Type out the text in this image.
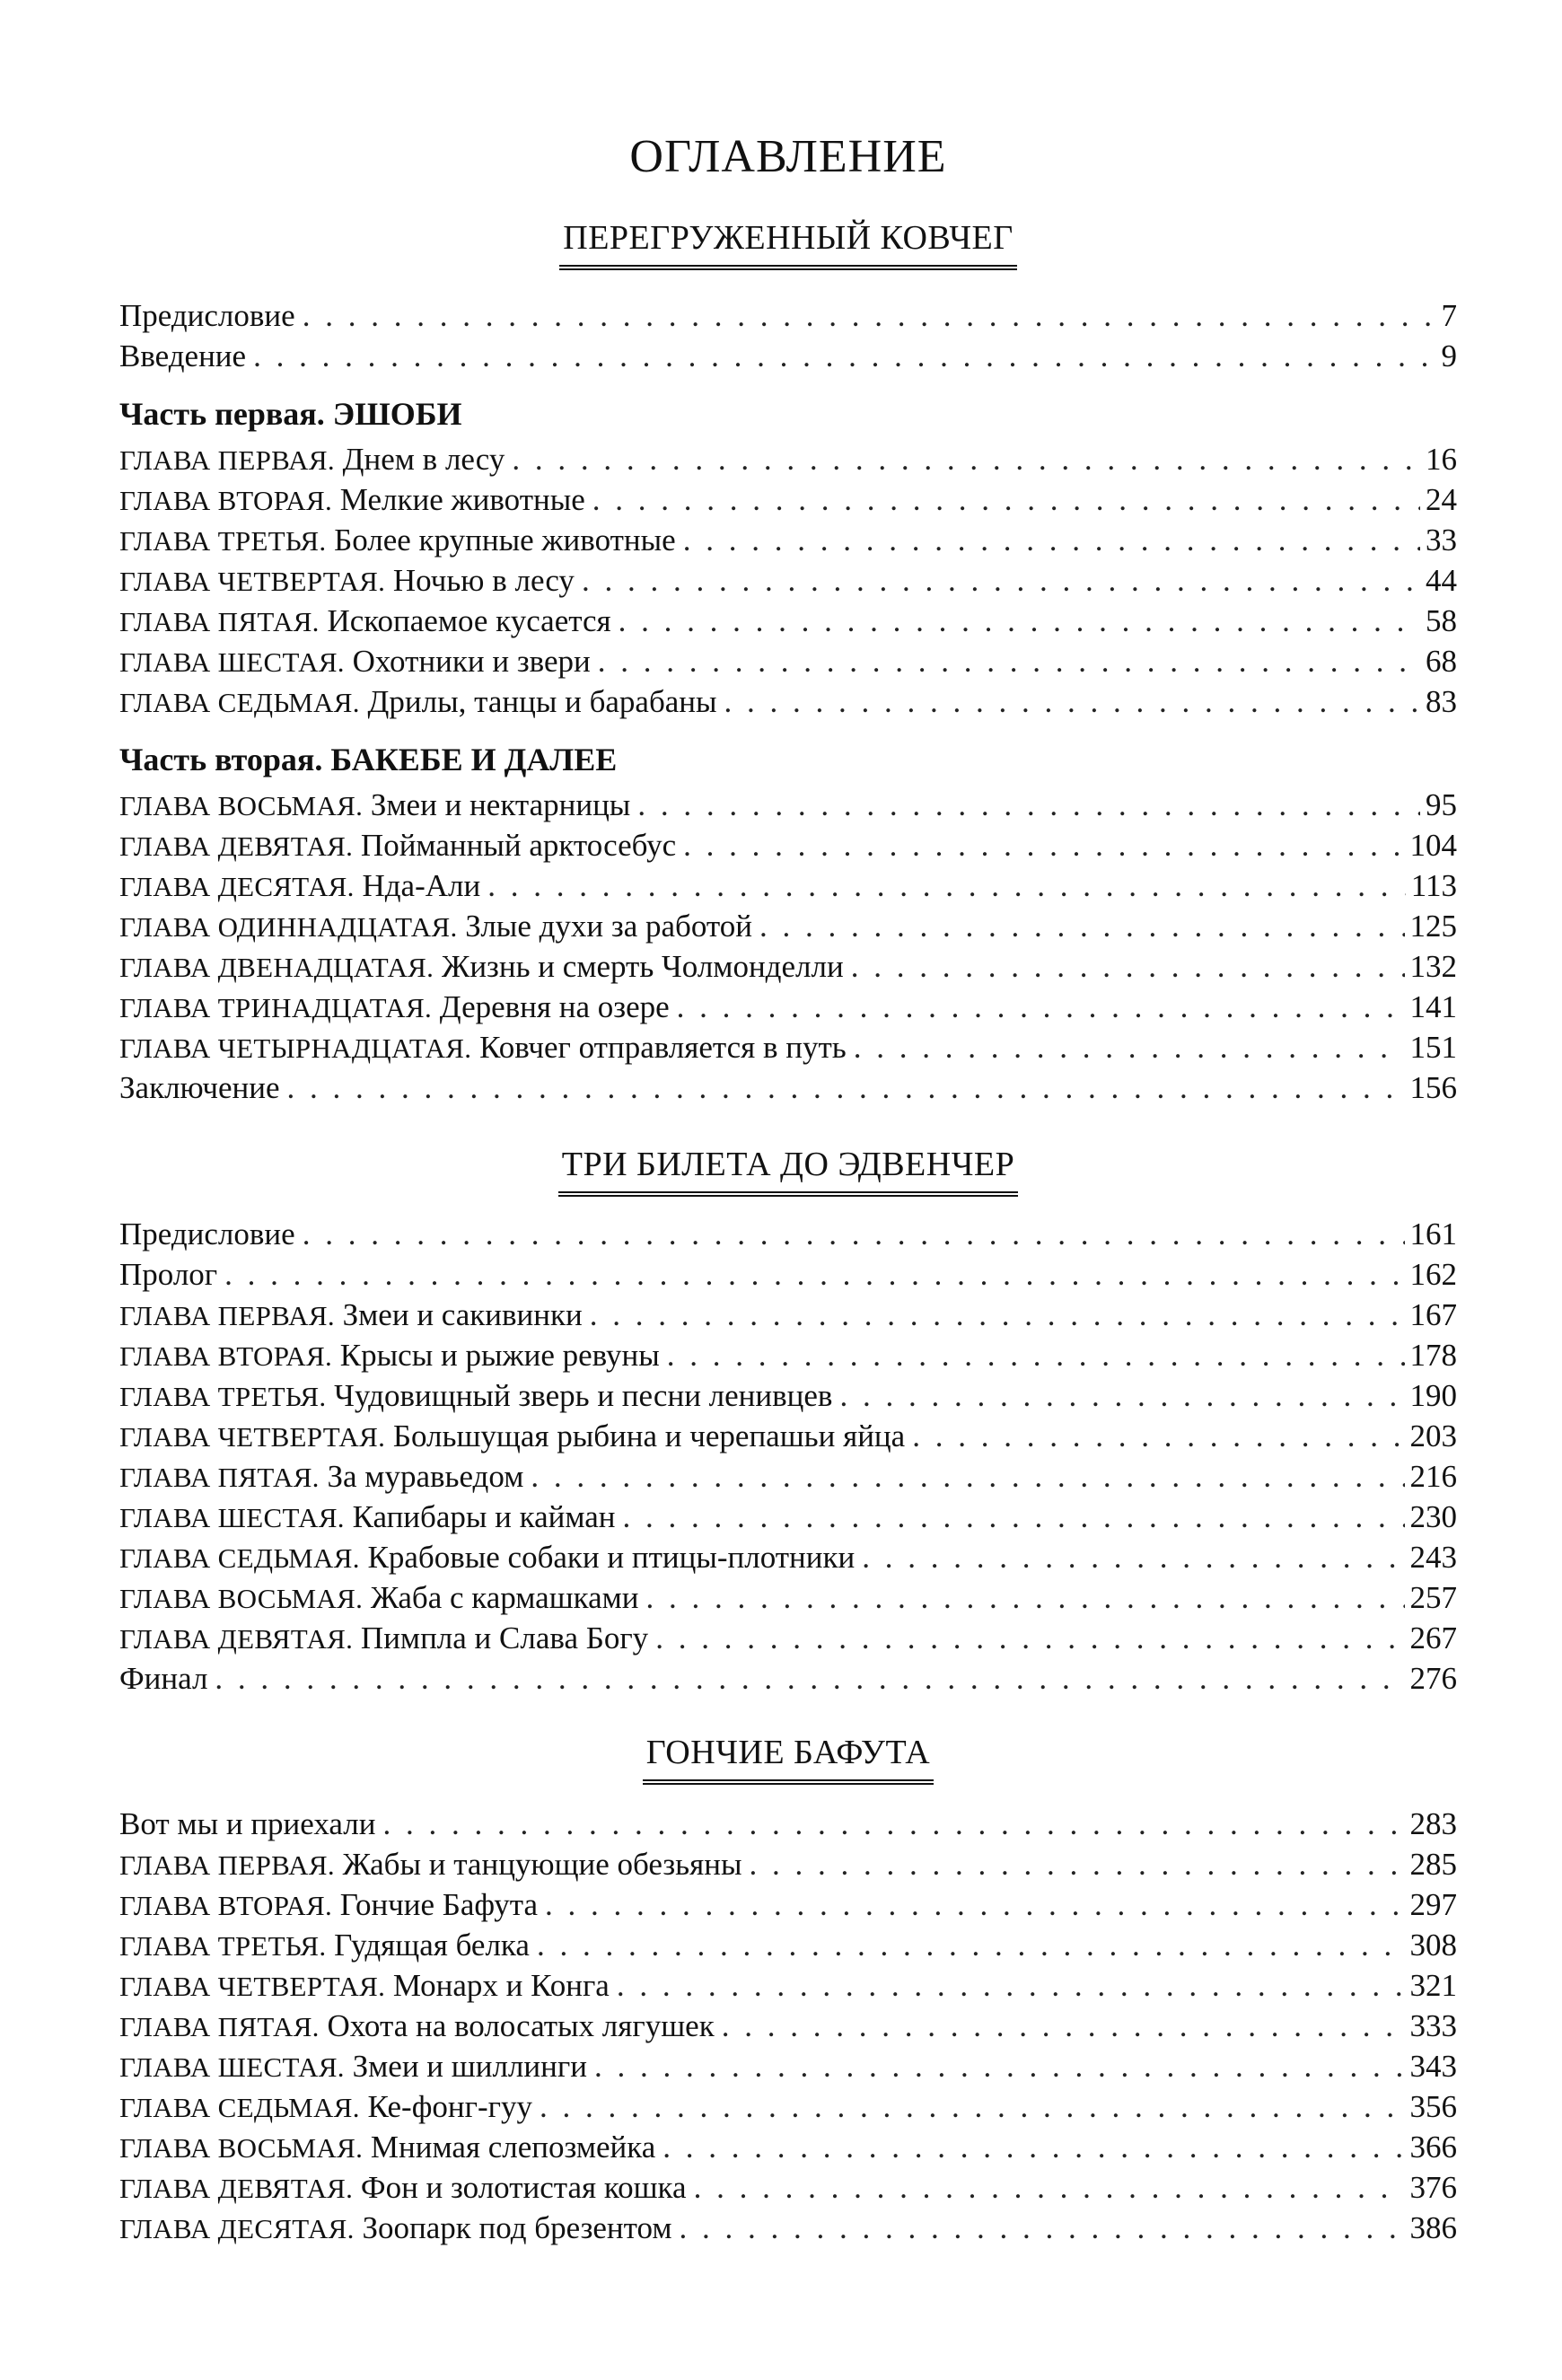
ОГЛАВЛЕНИЕ
ПЕРЕГРУЖЕННЫЙ КОВЧЕГ
Предисловие . . .	7
Введение . . .	9
Часть первая. ЭШОБИ
ГЛАВА ПЕРВАЯ. Днем в лесу . . .	16
ГЛАВА ВТОРАЯ. Мелкие животные . . .	24
ГЛАВА ТРЕТЬЯ. Более крупные животные . . .	33
ГЛАВА ЧЕТВЕРТАЯ. Ночью в лесу . . .	44
ГЛАВА ПЯТАЯ. Ископаемое кусается . . .	58
ГЛАВА ШЕСТАЯ. Охотники и звери . . .	68
ГЛАВА СЕДЬМАЯ. Дрилы, танцы и барабаны . . .	83
Часть вторая. БАКЕБЕ И ДАЛЕЕ
ГЛАВА ВОСЬМАЯ. Змеи и нектарницы . . .	95
ГЛАВА ДЕВЯТАЯ. Пойманный арктосебус . . .	104
ГЛАВА ДЕСЯТАЯ. Нда-Али . . .	113
ГЛАВА ОДИННАДЦАТАЯ. Злые духи за работой . . .	125
ГЛАВА ДВЕНАДЦАТАЯ. Жизнь и смерть Чолмонделли . . .	132
ГЛАВА ТРИНАДЦАТАЯ. Деревня на озере . . .	141
ГЛАВА ЧЕТЫРНАДЦАТАЯ. Ковчег отправляется в путь . . .	151
Заключение . . .	156
ТРИ БИЛЕТА ДО ЭДВЕНЧЕР
Предисловие . . .	161
Пролог . . .	162
ГЛАВА ПЕРВАЯ. Змеи и сакивинки . . .	167
ГЛАВА ВТОРАЯ. Крысы и рыжие ревуны . . .	178
ГЛАВА ТРЕТЬЯ. Чудовищный зверь и песни ленивцев . . .	190
ГЛАВА ЧЕТВЕРТАЯ. Большущая рыбина и черепашьи яйца . . .	203
ГЛАВА ПЯТАЯ. За муравьедом . . .	216
ГЛАВА ШЕСТАЯ. Капибары и кайман . . .	230
ГЛАВА СЕДЬМАЯ. Крабовые собаки и птицы-плотники . . .	243
ГЛАВА ВОСЬМАЯ. Жаба с кармашками . . .	257
ГЛАВА ДЕВЯТАЯ. Пимпла и Слава Богу . . .	267
Финал . . .	276
ГОНЧИЕ БАФУТА
Вот мы и приехали . . .	283
ГЛАВА ПЕРВАЯ. Жабы и танцующие обезьяны . . .	285
ГЛАВА ВТОРАЯ. Гончие Бафута . . .	297
ГЛАВА ТРЕТЬЯ. Гудящая белка . . .	308
ГЛАВА ЧЕТВЕРТАЯ. Монарх и Конга . . .	321
ГЛАВА ПЯТАЯ. Охота на волосатых лягушек . . .	333
ГЛАВА ШЕСТАЯ. Змеи и шиллинги . . .	343
ГЛАВА СЕДЬМАЯ. Ке-фонг-гуу . . .	356
ГЛАВА ВОСЬМАЯ. Мнимая слепозмейка . . .	366
ГЛАВА ДЕВЯТАЯ. Фон и золотистая кошка . . .	376
ГЛАВА ДЕСЯТАЯ. Зоопарк под брезентом . . .	386
